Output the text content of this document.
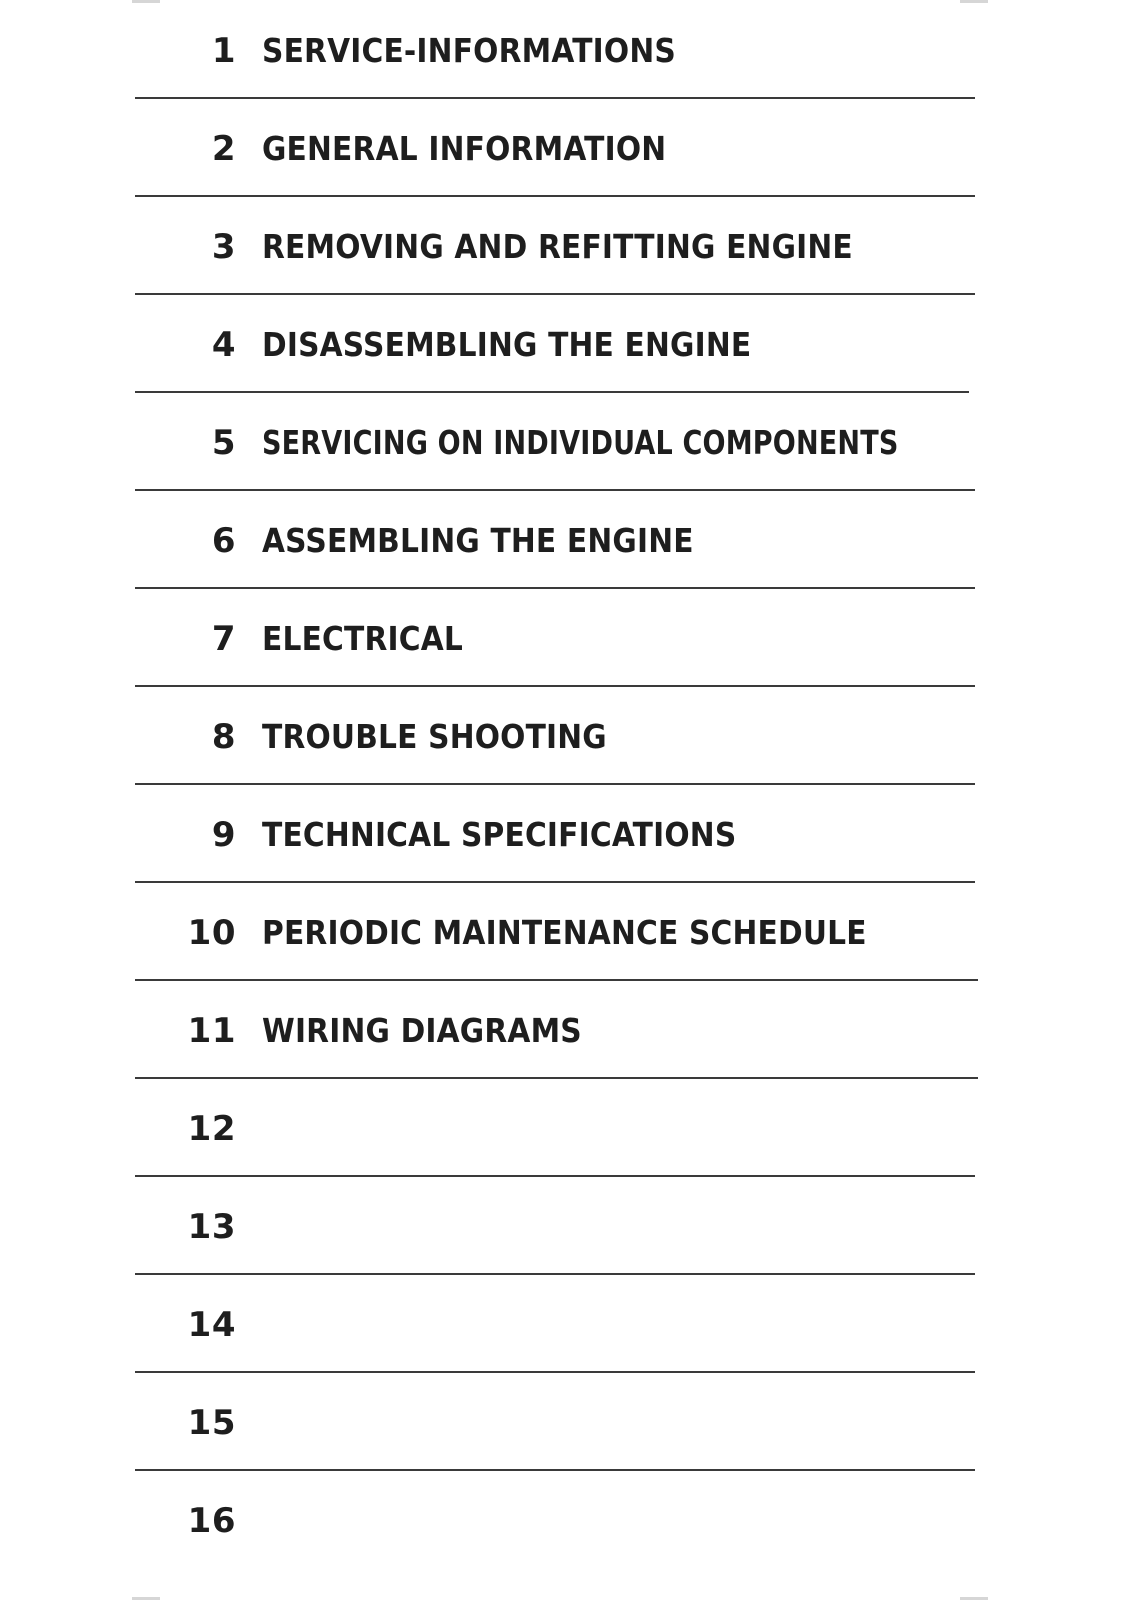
1 SERVICE-INFORMATIONS
2 GENERAL INFORMATION
3 REMOVING AND REFITTING ENGINE
4 DISASSEMBLING THE ENGINE
5 SERVICING ON INDIVIDUAL COMPONENTS
6 ASSEMBLING THE ENGINE
7 ELECTRICAL
8 TROUBLE SHOOTING
9 TECHNICAL SPECIFICATIONS
10 PERIODIC MAINTENANCE SCHEDULE
11 WIRING DIAGRAMS
12
13
14
15
16
